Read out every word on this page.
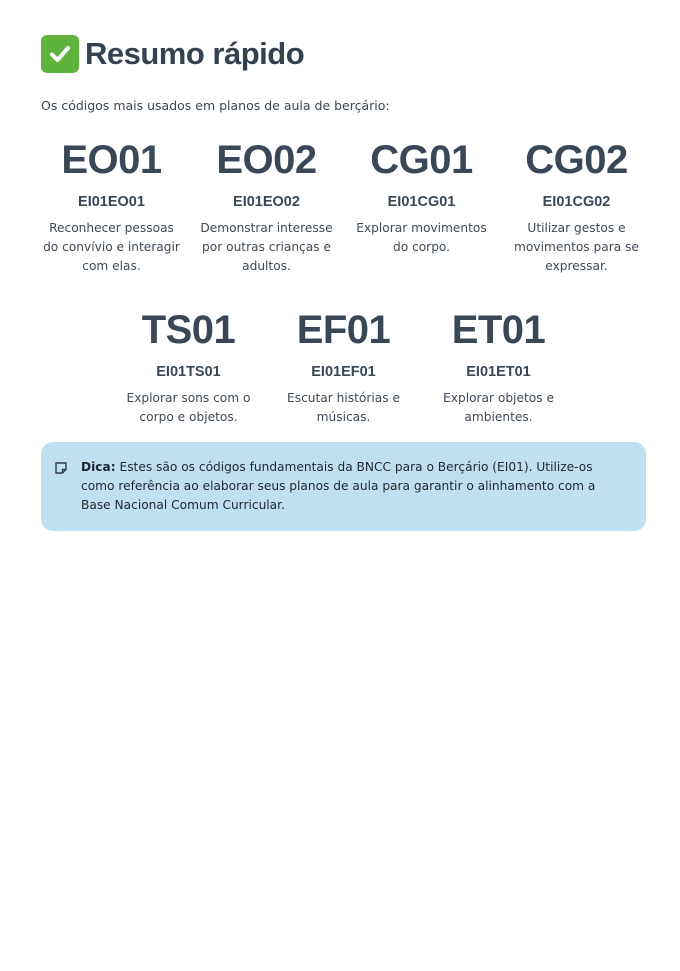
Resumo rápido
Os códigos mais usados em planos de aula de berçário:
EO01
EI01EO01
Reconhecer pessoas do convívio e interagir com elas.
EO02
EI01EO02
Demonstrar interesse por outras crianças e adultos.
CG01
EI01CG01
Explorar movimentos do corpo.
CG02
EI01CG02
Utilizar gestos e movimentos para se expressar.
TS01
EI01TS01
Explorar sons com o corpo e objetos.
EF01
EI01EF01
Escutar histórias e músicas.
ET01
EI01ET01
Explorar objetos e ambientes.
Dica: Estes são os códigos fundamentais da BNCC para o Berçário (EI01). Utilize-os como referência ao elaborar seus planos de aula para garantir o alinhamento com a Base Nacional Comum Curricular.
